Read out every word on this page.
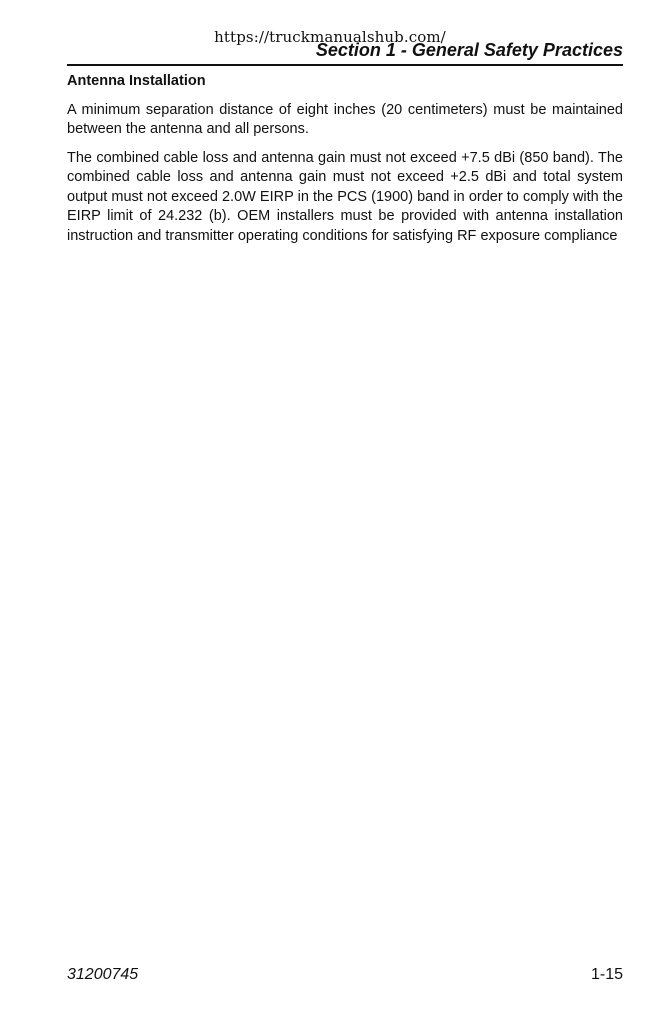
https://truckmanualshub.com/
Section 1 - General Safety Practices

Antenna Installation

A minimum separation distance of eight inches (20 centimeters) must be maintained between the antenna and all persons.

The combined cable loss and antenna gain must not exceed +7.5 dBi (850 band). The combined cable loss and antenna gain must not exceed +2.5 dBi and total system output must not exceed 2.0W EIRP in the PCS (1900) band in order to comply with the EIRP limit of 24.232 (b). OEM installers must be provided with antenna installation instruction and transmitter operating conditions for satisfying RF exposure compliance

31200745	1-15
